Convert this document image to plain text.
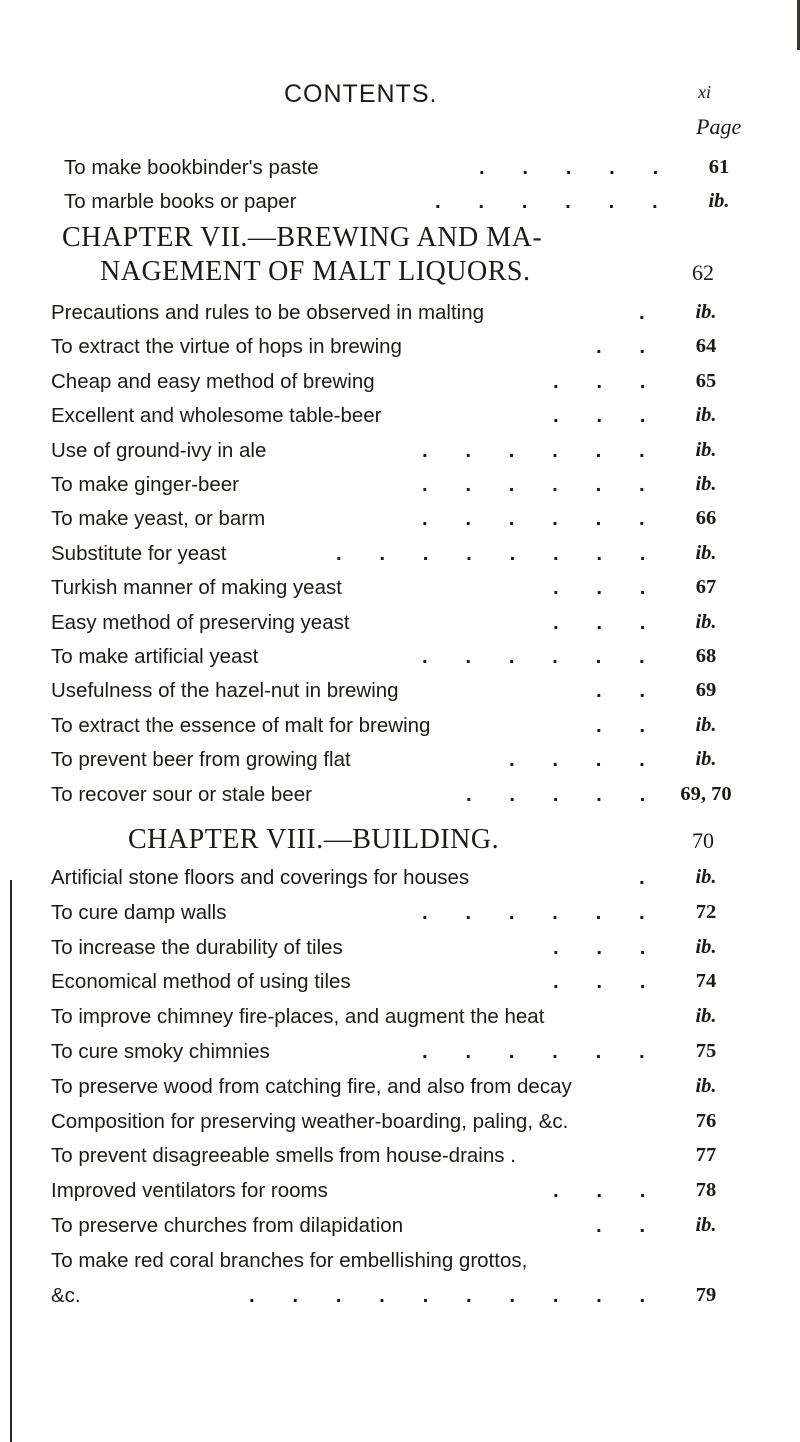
CONTENTS.	xi
Page
To make bookbinder's paste	. . . . .	61
To marble books or paper	. . . . . .	ib.
CHAPTER VII.—BREWING AND MA-
NAGEMENT OF MALT LIQUORS.	62
Precautions and rules to be observed in malting	.	ib.
To extract the virtue of hops in brewing	. .	64
Cheap and easy method of brewing	. . .	65
Excellent and wholesome table-beer	. . .	ib.
Use of ground-ivy in ale	. . . . . .	ib.
To make ginger-beer	. . . . . .	ib.
To make yeast, or barm	. . . . . .	66
Substitute for yeast	. . . . . . . .	ib.
Turkish manner of making yeast	. . .	67
Easy method of preserving yeast	. . .	ib.
To make artificial yeast	. . . . . .	68
Usefulness of the hazel-nut in brewing	. .	69
To extract the essence of malt for brewing	. .	ib.
To prevent beer from growing flat	. . . .	ib.
To recover sour or stale beer	. . . . . 69, 70
CHAPTER VIII.—BUILDING.	70
Artificial stone floors and coverings for houses	.	ib.
To cure damp walls	. . . . . .	72
To increase the durability of tiles	. . .	ib.
Economical method of using tiles	. . .	74
To improve chimney fire-places, and augment the heat	ib.
To cure smoky chimnies	. . . . . .	75
To preserve wood from catching fire, and also from decay	ib.
Composition for preserving weather-boarding, paling, &c.	76
To prevent disagreeable smells from house-drains .	77
Improved ventilators for rooms	. . .	78
To preserve churches from dilapidation	. .	ib.
To make red coral branches for embellishing grottos,
&c.	. . . . . . . . . .	79
